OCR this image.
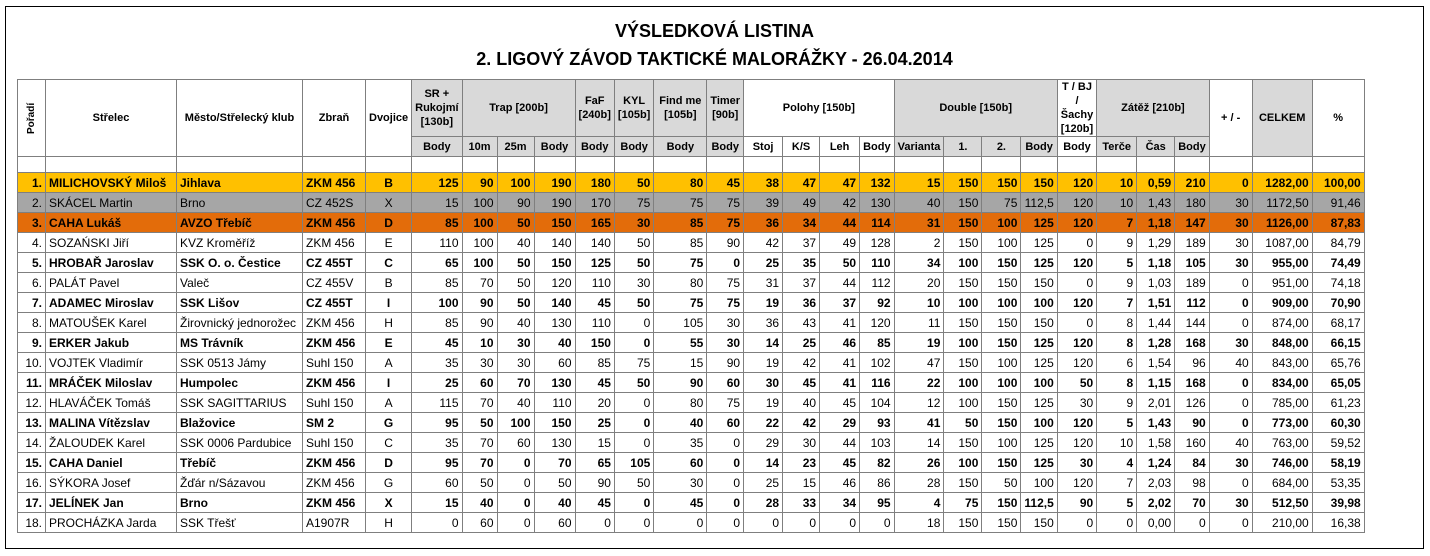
VÝSLEDKOVÁ LISTINA
2. LIGOVÝ ZÁVOD TAKTICKÉ MALORÁŽKY - 26.04.2014
Pořadí	Střelec	Město/Střelecký klub	Zbraň	Dvojice	SR + Rukojmí [130b]	Trap [200b]			FaF [240b]	KYL [105b]	Find me [105b]	Timer [90b]	Polohy [150b]				Double [150b]				T / BJ / Šachy [120b]	Zátěž [210b]			+ / -	CELKEM	%
					Body	10m	25m	Body	Body	Body	Body	Body	Stoj	K/S	Leh	Body	Varianta	1.	2.	Body	Body	Terče	Čas	Body			

1.	MILICHOVSKÝ Miloš	Jihlava	ZKM 456	B	125	90	100	190	180	50	80	45	38	47	47	132	15	150	150	150	120	10	0,59	210	0	1282,00	100,00
2.	SKÁCEL Martin	Brno	CZ 452S	X	15	100	90	190	170	75	75	75	39	49	42	130	40	150	75	112,5	120	10	1,43	180	30	1172,50	91,46
3.	CAHA Lukáš	AVZO Třebíč	ZKM 456	D	85	100	50	150	165	30	85	75	36	34	44	114	31	150	100	125	120	7	1,18	147	30	1126,00	87,83
4.	SOZAŃSKI Jiří	KVZ Kroměříž	ZKM 456	E	110	100	40	140	140	50	85	90	42	37	49	128	2	150	100	125	0	9	1,29	189	30	1087,00	84,79
5.	HROBAŘ Jaroslav	SSK O. o. Čestice	CZ 455T	C	65	100	50	150	125	50	75	0	25	35	50	110	34	100	150	125	120	5	1,18	105	30	955,00	74,49
6.	PALÁT Pavel	Valeč	CZ 455V	B	85	70	50	120	110	30	80	75	31	37	44	112	20	150	150	150	0	9	1,03	189	0	951,00	74,18
7.	ADAMEC Miroslav	SSK Lišov	CZ 455T	I	100	90	50	140	45	50	75	75	19	36	37	92	10	100	100	100	120	7	1,51	112	0	909,00	70,90
8.	MATOUŠEK Karel	Žirovnický jednorožec	ZKM 456	H	85	90	40	130	110	0	105	30	36	43	41	120	11	150	150	150	0	8	1,44	144	0	874,00	68,17
9.	ERKER Jakub	MS Trávník	ZKM 456	E	45	10	30	40	150	0	55	30	14	25	46	85	19	100	150	125	120	8	1,28	168	30	848,00	66,15
10.	VOJTEK Vladimír	SSK 0513 Jámy	Suhl 150	A	35	30	30	60	85	75	15	90	19	42	41	102	47	150	100	125	120	6	1,54	96	40	843,00	65,76
11.	MRÁČEK Miloslav	Humpolec	ZKM 456	I	25	60	70	130	45	50	90	60	30	45	41	116	22	100	100	100	50	8	1,15	168	0	834,00	65,05
12.	HLAVÁČEK Tomáš	SSK SAGITTARIUS	Suhl 150	A	115	70	40	110	20	0	80	75	19	40	45	104	12	100	150	125	30	9	2,01	126	0	785,00	61,23
13.	MALINA Vítězslav	Blažovice	SM 2	G	95	50	100	150	25	0	40	60	22	42	29	93	41	50	150	100	120	5	1,43	90	0	773,00	60,30
14.	ŽALOUDEK Karel	SSK 0006 Pardubice	Suhl 150	C	35	70	60	130	15	0	35	0	29	30	44	103	14	150	100	125	120	10	1,58	160	40	763,00	59,52
15.	CAHA Daniel	Třebíč	ZKM 456	D	95	70	0	70	65	105	60	0	14	23	45	82	26	100	150	125	30	4	1,24	84	30	746,00	58,19
16.	SÝKORA Josef	Žďár n/Sázavou	ZKM 456	G	60	50	0	50	90	50	30	0	25	15	46	86	28	150	50	100	120	7	2,03	98	0	684,00	53,35
17.	JELÍNEK Jan	Brno	ZKM 456	X	15	40	0	40	45	0	45	0	28	33	34	95	4	75	150	112,5	90	5	2,02	70	30	512,50	39,98
18.	PROCHÁZKA Jarda	SSK Třešť	A1907R	H	0	60	0	60	0	0	0	0	0	0	0	0	18	150	150	150	0	0	0,00	0	0	210,00	16,38
